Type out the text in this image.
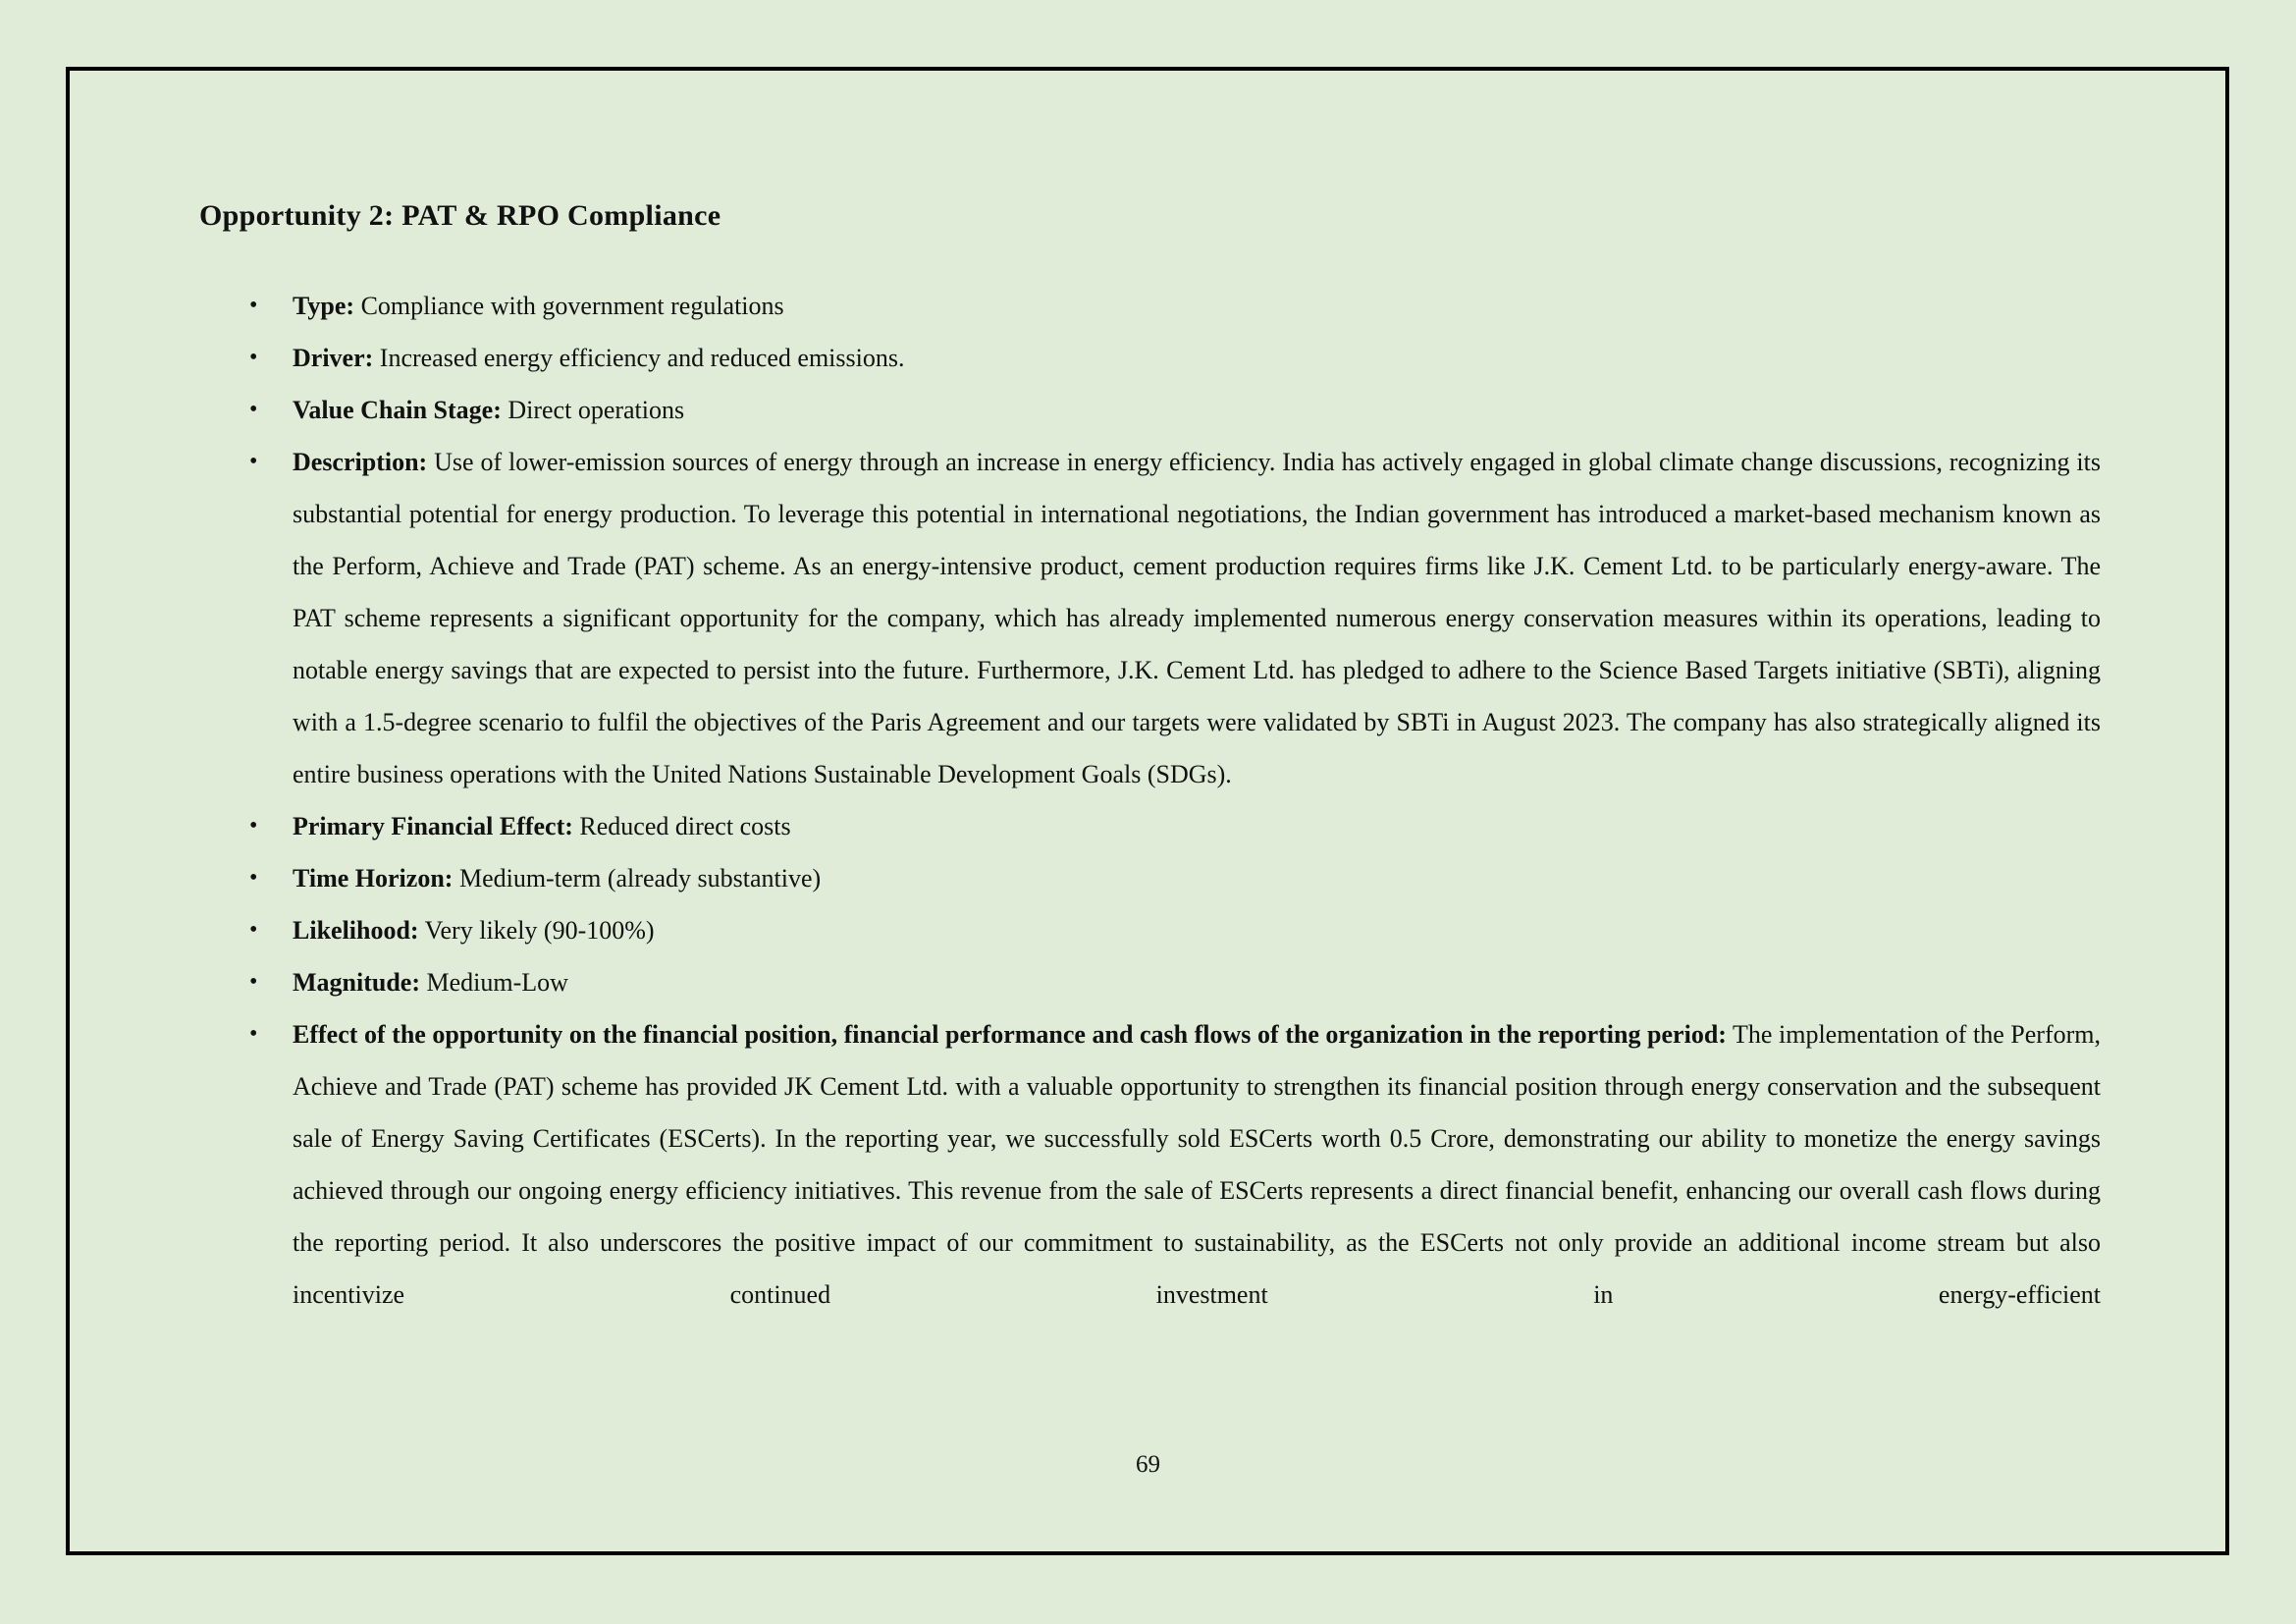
Opportunity 2: PAT & RPO Compliance
• Type: Compliance with government regulations
• Driver: Increased energy efficiency and reduced emissions.
• Value Chain Stage: Direct operations
• Description: Use of lower-emission sources of energy through an increase in energy efficiency. India has actively engaged in global climate change discussions, recognizing its substantial potential for energy production. To leverage this potential in international negotiations, the Indian government has introduced a market-based mechanism known as the Perform, Achieve and Trade (PAT) scheme. As an energy-intensive product, cement production requires firms like J.K. Cement Ltd. to be particularly energy-aware. The PAT scheme represents a significant opportunity for the company, which has already implemented numerous energy conservation measures within its operations, leading to notable energy savings that are expected to persist into the future. Furthermore, J.K. Cement Ltd. has pledged to adhere to the Science Based Targets initiative (SBTi), aligning with a 1.5-degree scenario to fulfil the objectives of the Paris Agreement and our targets were validated by SBTi in August 2023. The company has also strategically aligned its entire business operations with the United Nations Sustainable Development Goals (SDGs).
• Primary Financial Effect: Reduced direct costs
• Time Horizon: Medium-term (already substantive)
• Likelihood: Very likely (90-100%)
• Magnitude: Medium-Low
• Effect of the opportunity on the financial position, financial performance and cash flows of the organization in the reporting period: The implementation of the Perform, Achieve and Trade (PAT) scheme has provided JK Cement Ltd. with a valuable opportunity to strengthen its financial position through energy conservation and the subsequent sale of Energy Saving Certificates (ESCerts). In the reporting year, we successfully sold ESCerts worth 0.5 Crore, demonstrating our ability to monetize the energy savings achieved through our ongoing energy efficiency initiatives. This revenue from the sale of ESCerts represents a direct financial benefit, enhancing our overall cash flows during the reporting period. It also underscores the positive impact of our commitment to sustainability, as the ESCerts not only provide an additional income stream but also incentivize continued investment in energy-efficient
69
